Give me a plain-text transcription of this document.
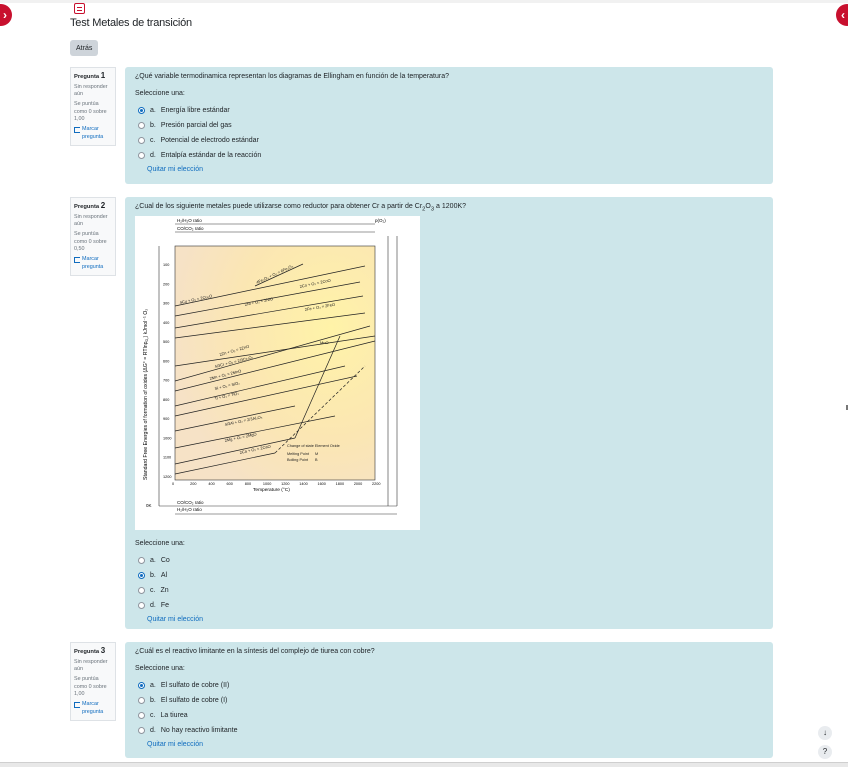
›	‹
Test Metales de transición
Atrás
Pregunta 1
Sin responder aún
Se puntúa como 0 sobre 1,00
Marcar pregunta

¿Qué variable termodinamica representan los diagramas de Ellingham en función de la temperatura?

Seleccione una:
a. Energía libre estándar
b. Presión parcial del gas
c. Potencial de electrodo estándar
d. Entalpía estándar de la reacción
Quitar mi elección
Pregunta 2
Sin responder aún
Se puntúa como 0 sobre 0,50
Marcar pregunta

¿Cual de los siguiente metales puede utilizarse como reductor para obtener Cr a partir de $Cr_2O_3$ a 1200K?

H₂/H₂O ratio
CO/CO₂ ratio
p(O₂)
0K
CO/CO₂ ratio
H₂/H₂O ratio
Standard Free Energies of formation of oxides (ΔG° = RTlnpO₂) kJmol⁻¹ O₂
Temperature (°C)
0	200	400	600	800	1000	1200	1400	1600	1800	2000	2200
100
200
300
400
500
600
700
800
900
1000
1100
1200
4Cu + O₂ = 2Cu₂O
4Fe₃O₄ + O₂ = 6Fe₂O₃ 2Co + O₂ = 2CoO
2Ni + O₂ = 2NiO	2Fe + O₂ = 2FeO
2Zn + O₂ = 2ZnO
4/3Cr + O₂ = 2/3Cr₂O₃
2Mn + O₂ = 2MnO
Si + O₂ = SiO₂
Ti + O₂ = TiO₂
4/3Al + O₂ = 2/3Al₂O₃
2Mg + O₂ = 2MgO
2Ca + O₂ = 2CaO
MnO
Change of state Element Oxide
Melting Point
Boiling Point
M
B
Seleccione una:
a. Co
b. Al
c. Zn
d. Fe
Quitar mi elección
Pregunta 3
Sin responder aún
Se puntúa como 0 sobre 1,00
Marcar pregunta

¿Cuál es el reactivo limitante en la síntesis del complejo de tiurea con cobre?

Seleccione una:
a. El sulfato de cobre (II)
b. El sulfato de cobre (I)
c. La tiurea
d. No hay reactivo limitante
Quitar mi elección
↓
?
